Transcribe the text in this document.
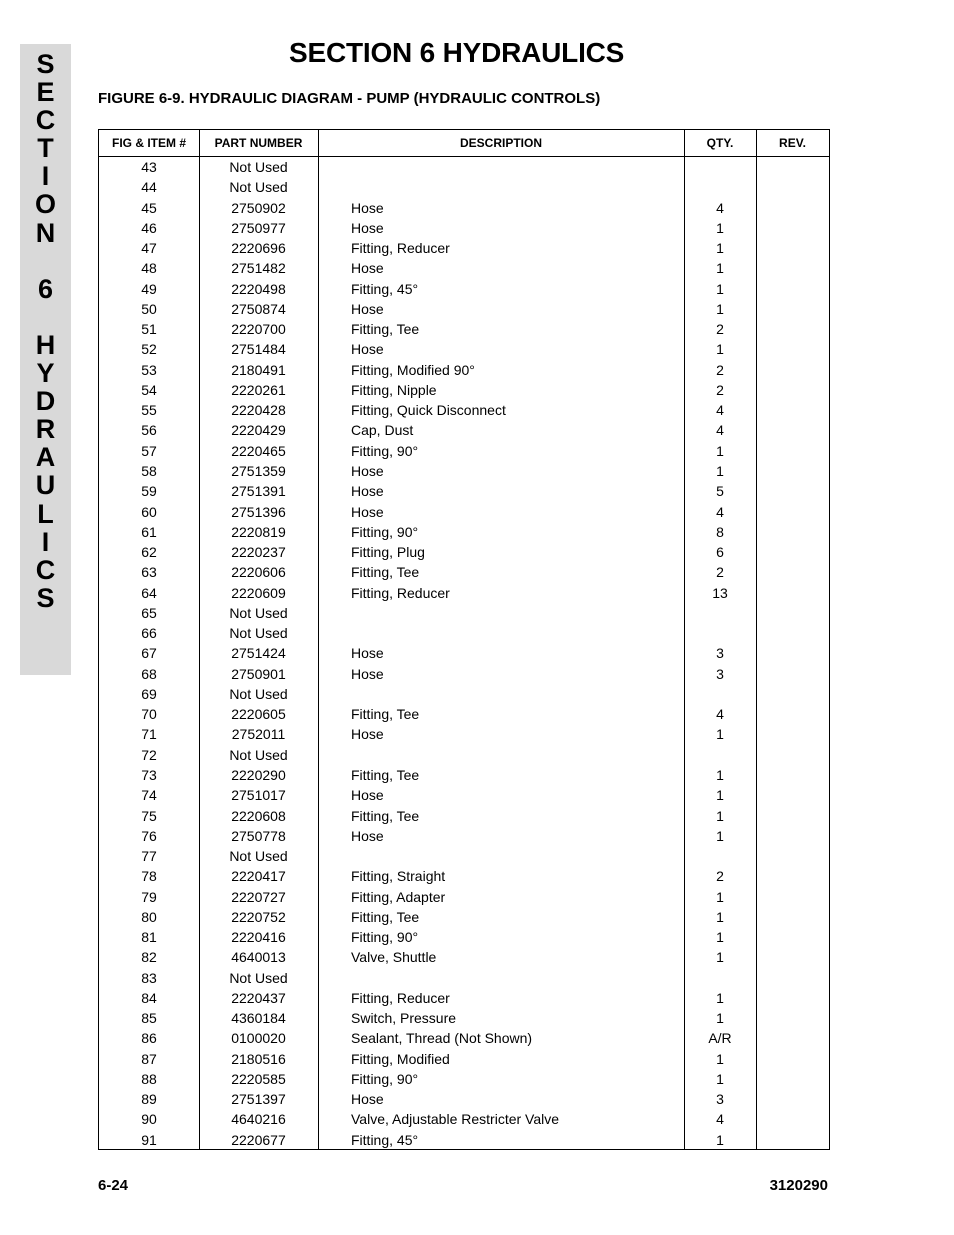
S
E
C
T
I
O
N
6
H
Y
D
R
A
U
L
I
C
S
SECTION 6 HYDRAULICS
FIGURE 6-9. HYDRAULIC DIAGRAM - PUMP (HYDRAULIC CONTROLS)
FIG & ITEM #	PART NUMBER	DESCRIPTION	QTY.	REV.
43	Not Used
44	Not Used
45	2750902	Hose	4
46	2750977	Hose	1
47	2220696	Fitting, Reducer	1
48	2751482	Hose	1
49	2220498	Fitting, 45°	1
50	2750874	Hose	1
51	2220700	Fitting, Tee	2
52	2751484	Hose	1
53	2180491	Fitting, Modified 90°	2
54	2220261	Fitting, Nipple	2
55	2220428	Fitting, Quick Disconnect	4
56	2220429	Cap, Dust	4
57	2220465	Fitting, 90°	1
58	2751359	Hose	1
59	2751391	Hose	5
60	2751396	Hose	4
61	2220819	Fitting, 90°	8
62	2220237	Fitting, Plug	6
63	2220606	Fitting, Tee	2
64	2220609	Fitting, Reducer	13
65	Not Used
66	Not Used
67	2751424	Hose	3
68	2750901	Hose	3
69	Not Used
70	2220605	Fitting, Tee	4
71	2752011	Hose	1
72	Not Used
73	2220290	Fitting, Tee	1
74	2751017	Hose	1
75	2220608	Fitting, Tee	1
76	2750778	Hose	1
77	Not Used
78	2220417	Fitting, Straight	2
79	2220727	Fitting, Adapter	1
80	2220752	Fitting, Tee	1
81	2220416	Fitting, 90°	1
82	4640013	Valve, Shuttle	1
83	Not Used
84	2220437	Fitting, Reducer	1
85	4360184	Switch, Pressure	1
86	0100020	Sealant, Thread (Not Shown)	A/R
87	2180516	Fitting, Modified	1
88	2220585	Fitting, 90°	1
89	2751397	Hose	3
90	4640216	Valve, Adjustable Restricter Valve	4
91	2220677	Fitting, 45°	1
6-24	3120290
